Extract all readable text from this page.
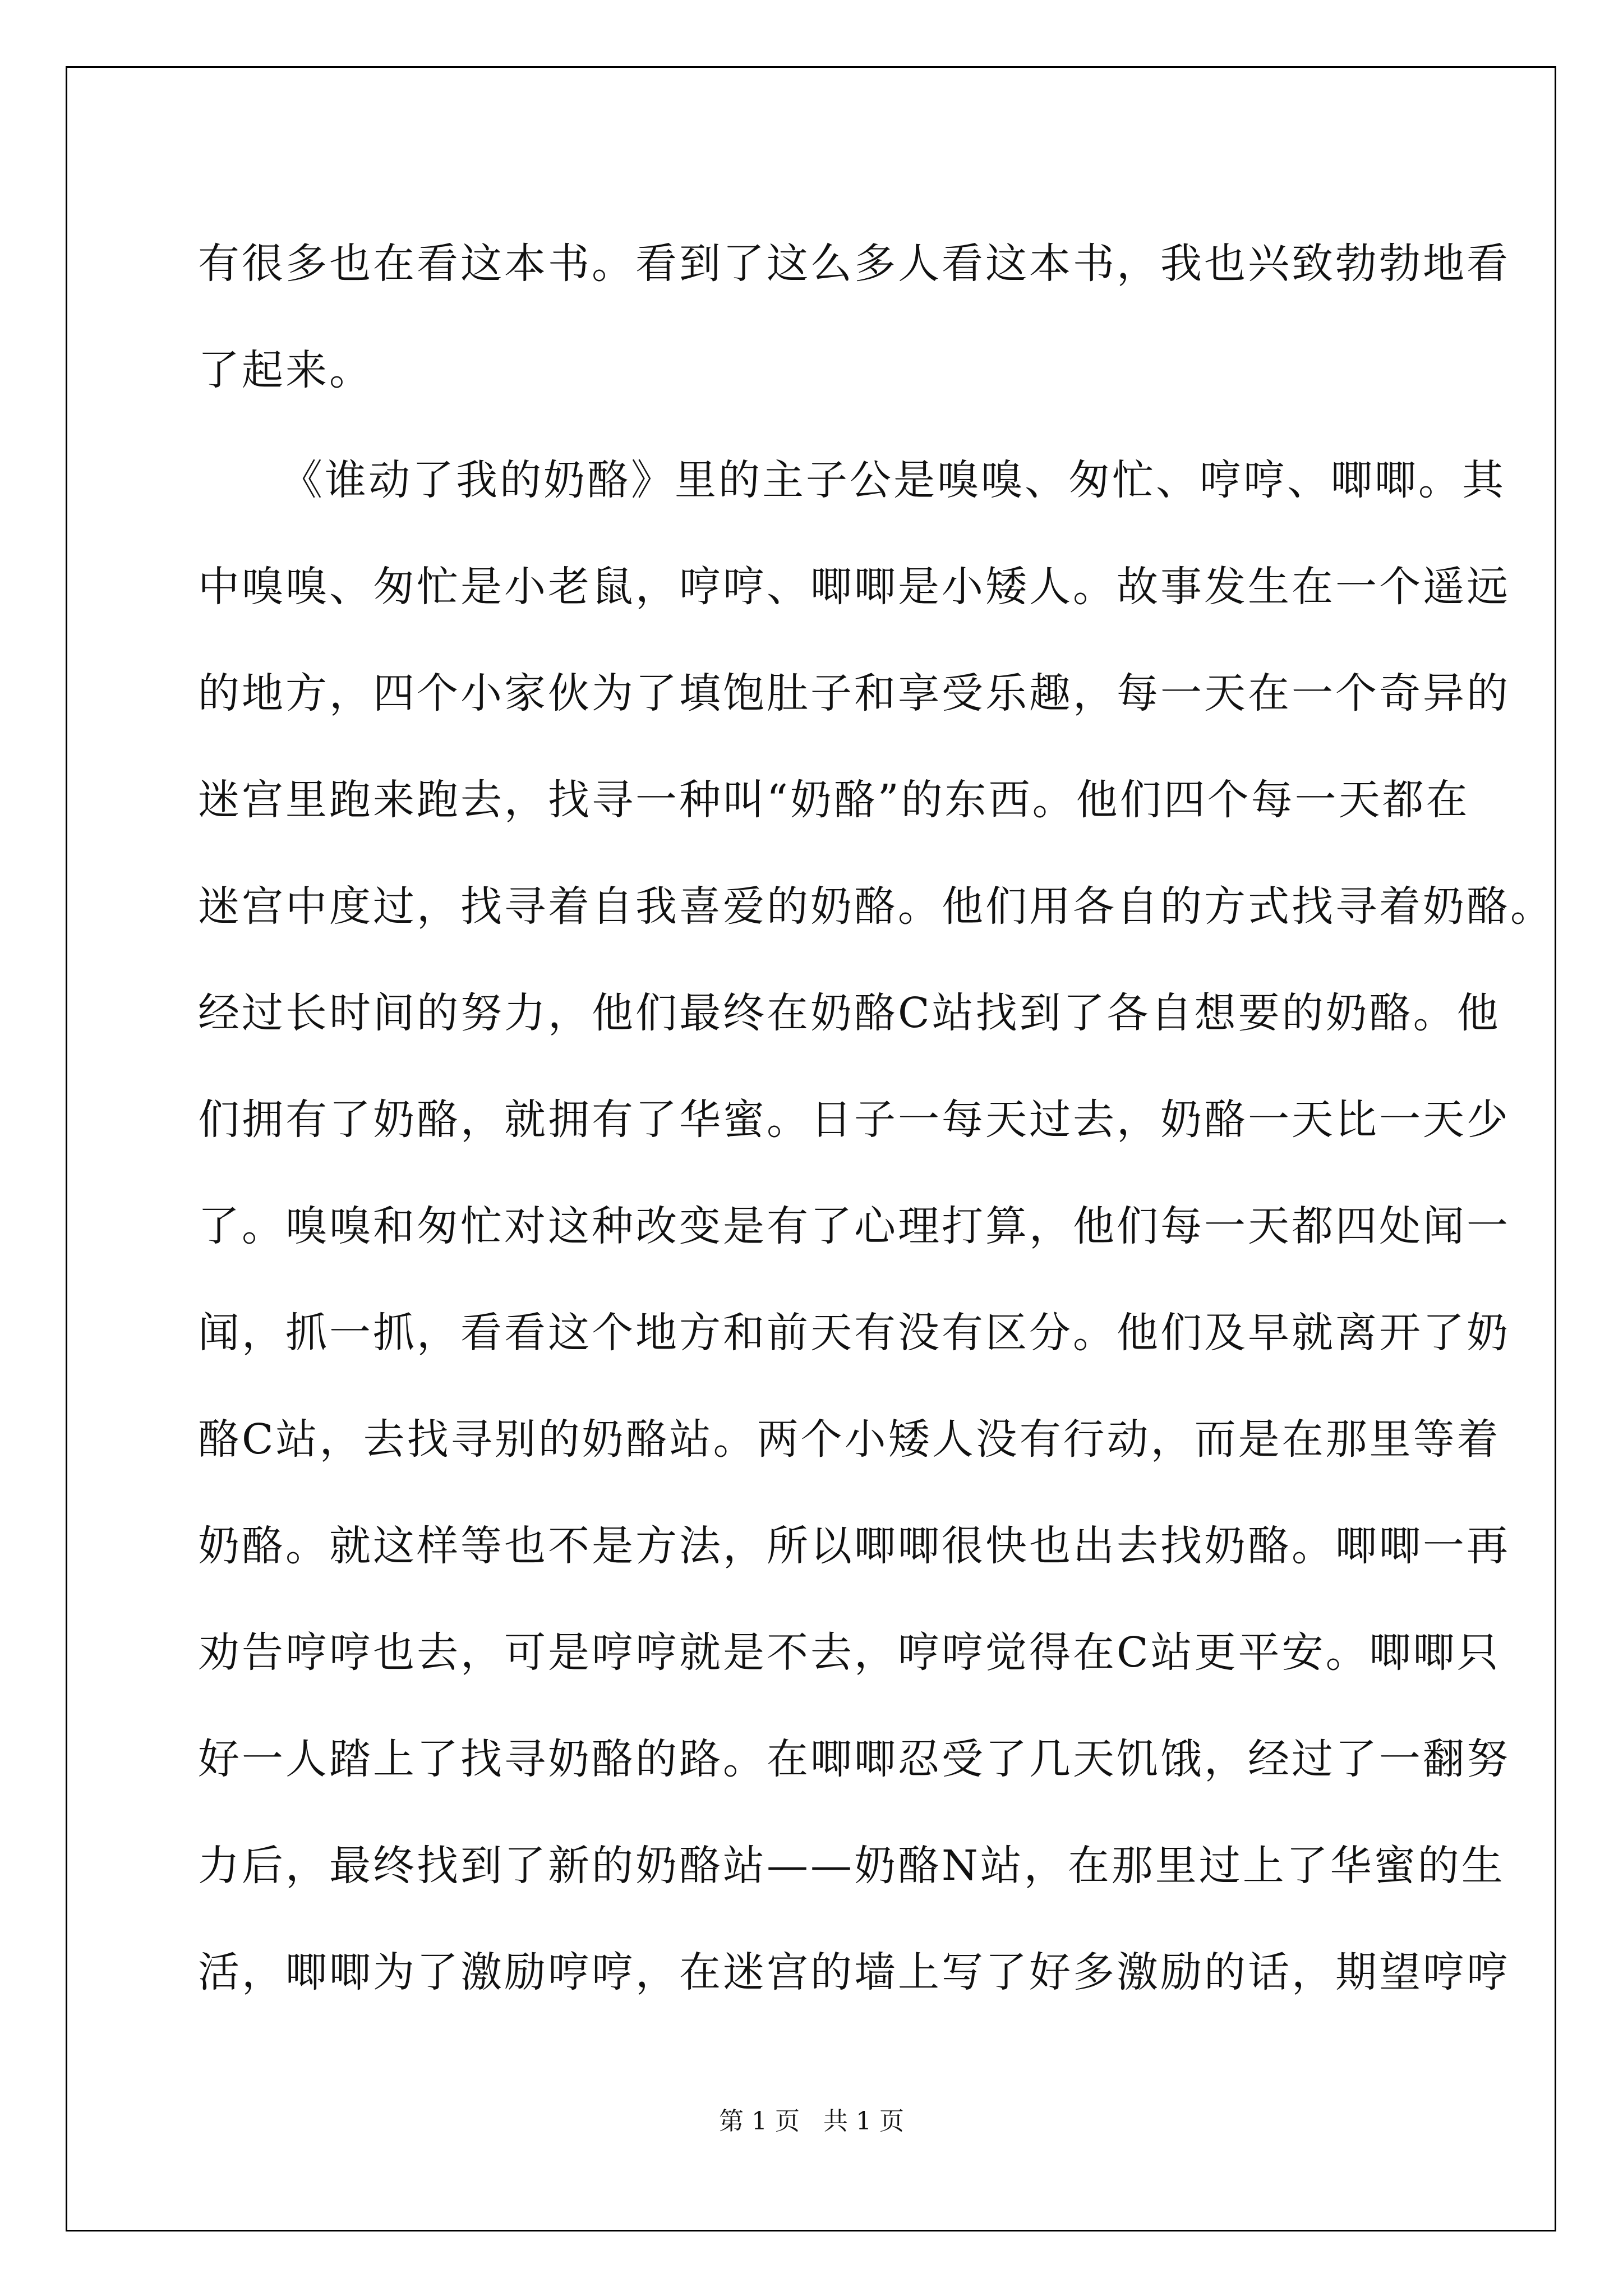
有很多也在看这本书。看到了这么多人看这本书，我也兴致勃勃地看
了起来。
《谁动了我的奶酪》里的主子公是嗅嗅、匆忙、哼哼、唧唧。其
中嗅嗅、匆忙是小老鼠，哼哼、唧唧是小矮人。故事发生在一个遥远
的地方，四个小家伙为了填饱肚子和享受乐趣，每一天在一个奇异的
迷宫里跑来跑去，找寻一种叫“奶酪”的东西。他们四个每一天都在
迷宫中度过，找寻着自我喜爱的奶酪。他们用各自的方式找寻着奶酪。
经过长时间的努力，他们最终在奶酪C站找到了各自想要的奶酪。他
们拥有了奶酪，就拥有了华蜜。日子一每天过去，奶酪一天比一天少
了。嗅嗅和匆忙对这种改变是有了心理打算，他们每一天都四处闻一
闻，抓一抓，看看这个地方和前天有没有区分。他们及早就离开了奶
酪C站，去找寻别的奶酪站。两个小矮人没有行动，而是在那里等着
奶酪。就这样等也不是方法，所以唧唧很快也出去找奶酪。唧唧一再
劝告哼哼也去，可是哼哼就是不去，哼哼觉得在C站更平安。唧唧只
好一人踏上了找寻奶酪的路。在唧唧忍受了几天饥饿，经过了一翻努
力后，最终找到了新的奶酪站——奶酪N站，在那里过上了华蜜的生
活，唧唧为了激励哼哼，在迷宫的墙上写了好多激励的话，期望哼哼
第 1 页   共 1 页
